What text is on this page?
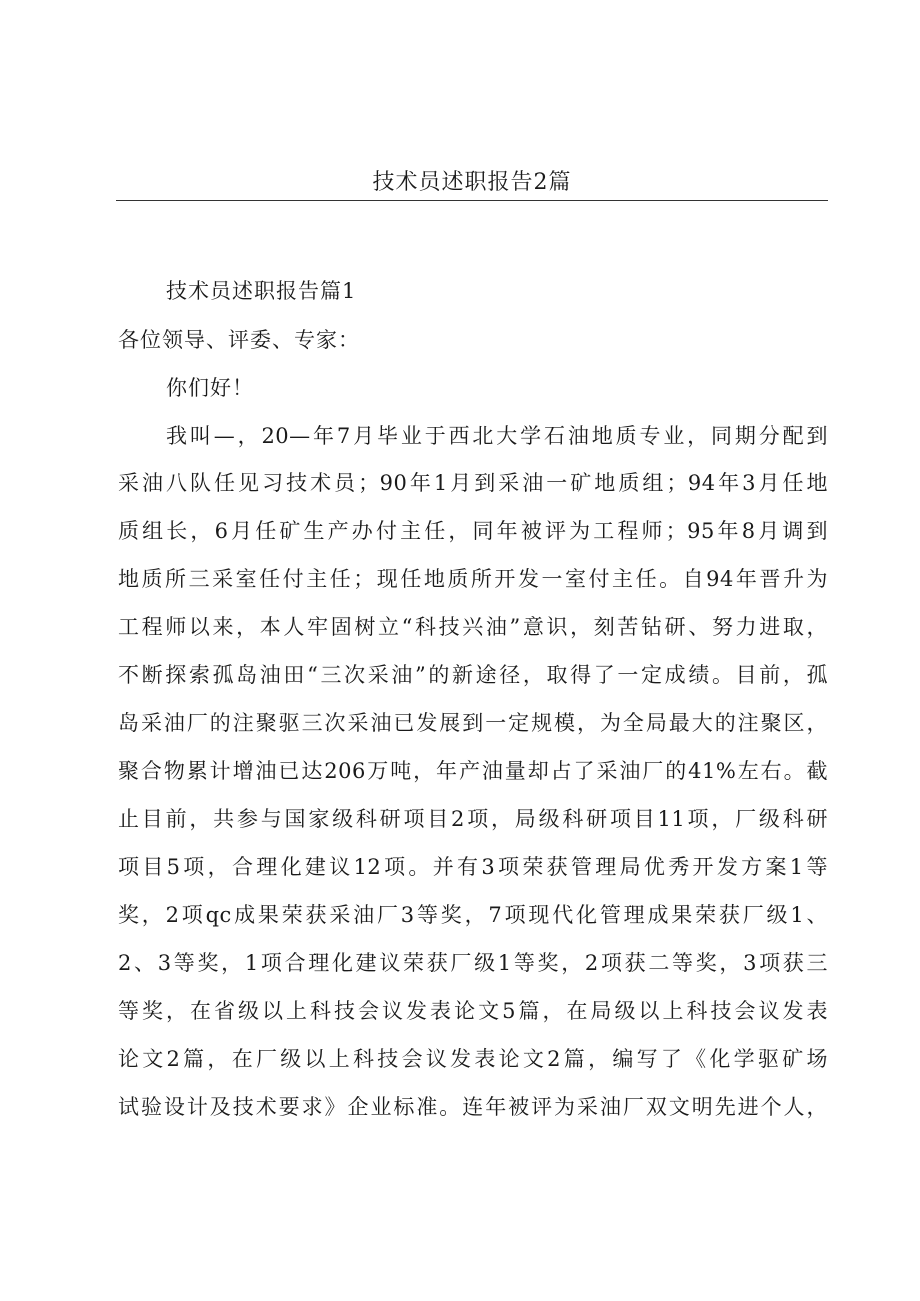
技术员述职报告2篇
技术员述职报告篇1
各位领导、评委、专家：
你们好！
我叫—，20—年7月毕业于西北大学石油地质专业，同期分配到
采油八队任见习技术员；90年1月到采油一矿地质组；94年3月任地
质组长，6月任矿生产办付主任，同年被评为工程师；95年8月调到
地质所三采室任付主任；现任地质所开发一室付主任。自94年晋升为
工程师以来，本人牢固树立“科技兴油”意识，刻苦钻研、努力进取，
不断探索孤岛油田“三次采油”的新途径，取得了一定成绩。目前，孤
岛采油厂的注聚驱三次采油已发展到一定规模，为全局最大的注聚区，
聚合物累计增油已达206万吨，年产油量却占了采油厂的41%左右。截
止目前，共参与国家级科研项目2项，局级科研项目11项，厂级科研
项目5项，合理化建议12项。并有3项荣获管理局优秀开发方案1等
奖，2项qc成果荣获采油厂3等奖，7项现代化管理成果荣获厂级1、
2、3等奖，1项合理化建议荣获厂级1等奖，2项获二等奖，3项获三
等奖，在省级以上科技会议发表论文5篇，在局级以上科技会议发表
论文2篇，在厂级以上科技会议发表论文2篇，编写了《化学驱矿场
试验设计及技术要求》企业标准。连年被评为采油厂双文明先进个人，
